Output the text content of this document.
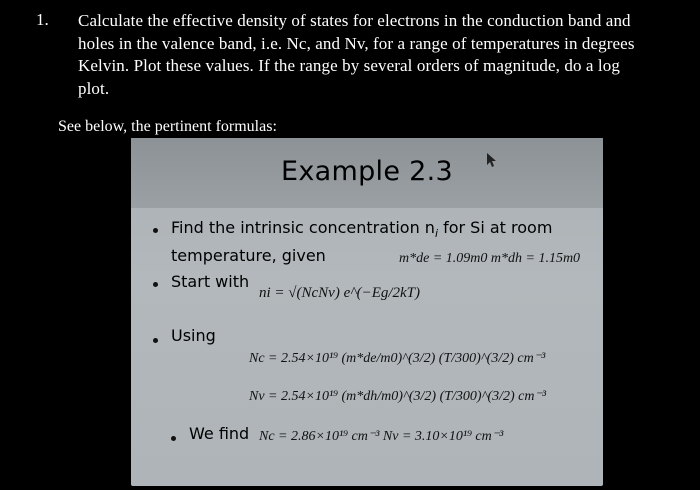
1. Calculate the effective density of states for electrons in the conduction band and
holes in the valence band, i.e. Nc, and Nv, for a range of temperatures in degrees
Kelvin. Plot these values. If the range by several orders of magnitude, do a log
plot.
See below, the pertinent formulas:
Example 2.3
Find the intrinsic concentration $n_i$ for Si at room
temperature, given	m*de = 1.09m0 m*dh = 1.15m0
Start with
ni = √(NcNv) e^(−Eg/2kT)
Using
Nc = 2.54×10¹⁹ (m*de/m0)^(3/2) (T/300)^(3/2) cm⁻³
Nv = 2.54×10¹⁹ (m*dh/m0)^(3/2) (T/300)^(3/2) cm⁻³
We find Nc = 2.86×10¹⁹ cm⁻³ Nv = 3.10×10¹⁹ cm⁻³
